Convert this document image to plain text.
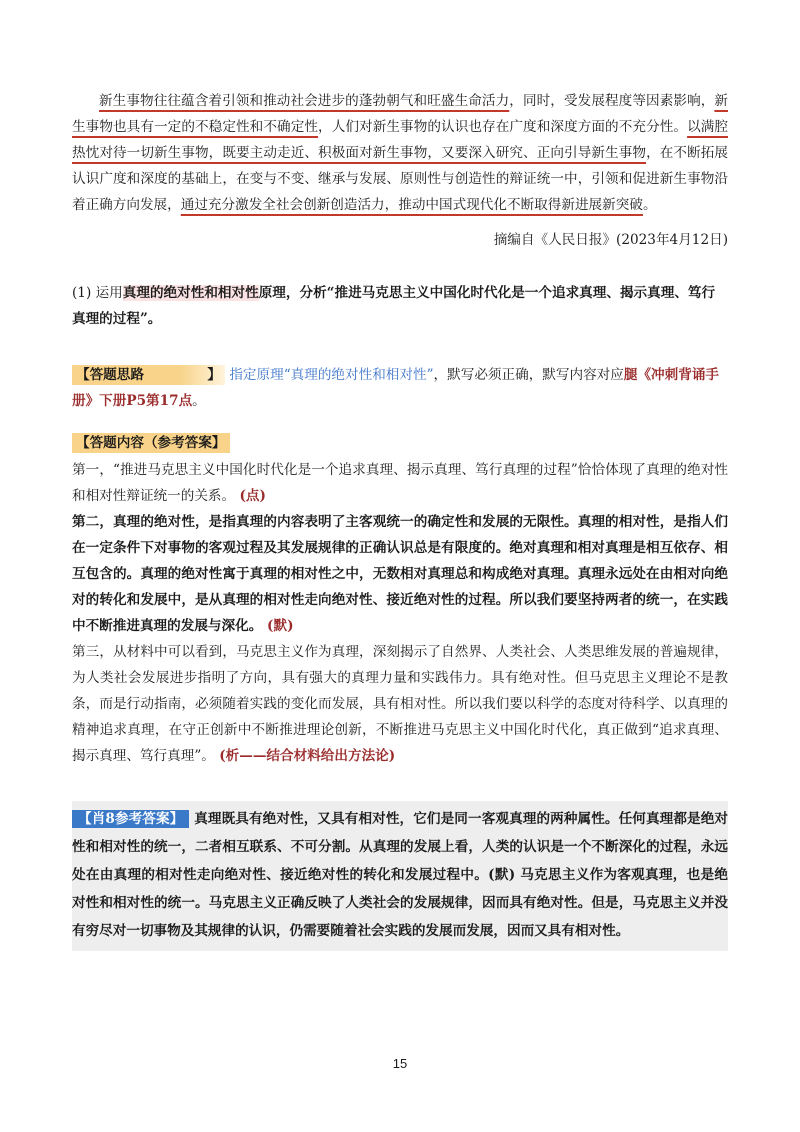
新生事物往往蕴含着引领和推动社会进步的蓬勃朝气和旺盛生命活力，同时，受发展程度等因素影响，新生事物也具有一定的不稳定性和不确定性，人们对新生事物的认识也存在广度和深度方面的不充分性。以满腔热忱对待一切新生事物，既要主动走近、积极面对新生事物，又要深入研究、正向引导新生事物，在不断拓展认识广度和深度的基础上，在变与不变、继承与发展、原则性与创造性的辩证统一中，引领和促进新生事物沿着正确方向发展，通过充分激发全社会创新创造活力，推动中国式现代化不断取得新进展新突破。

摘编自《人民日报》(2023年4月12日)

(1) 运用真理的绝对性和相对性原理，分析“推进马克思主义中国化时代化是一个追求真理、揭示真理、笃行真理的过程”。

【答题思路	】 指定原理“真理的绝对性和相对性”，默写必须正确，默写内容对应腿《冲刺背诵手册》下册P5第17点。

【答题内容（参考答案】

第一，“推进马克思主义中国化时代化是一个追求真理、揭示真理、笃行真理的过程”恰恰体现了真理的绝对性和相对性辩证统一的关系。 (点)

第二，真理的绝对性，是指真理的内容表明了主客观统一的确定性和发展的无限性。真理的相对性，是指人们在一定条件下对事物的客观过程及其发展规律的正确认识总是有限度的。绝对真理和相对真理是相互依存、相互包含的。真理的绝对性寓于真理的相对性之中，无数相对真理总和构成绝对真理。真理永远处在由相对向绝对的转化和发展中，是从真理的相对性走向绝对性、接近绝对性的过程。所以我们要坚持两者的统一，在实践中不断推进真理的发展与深化。 (默)

第三，从材料中可以看到，马克思主义作为真理，深刻揭示了自然界、人类社会、人类思维发展的普遍规律，为人类社会发展进步指明了方向，具有强大的真理力量和实践伟力。具有绝对性。但马克思主义理论不是教条，而是行动指南，必须随着实践的变化而发展，具有相对性。所以我们要以科学的态度对待科学、以真理的精神追求真理，在守正创新中不断推进理论创新，不断推进马克思主义中国化时代化，真正做到“追求真理、揭示真理、笃行真理”。 (析——结合材料给出方法论)

【肖8参考答案】 真理既具有绝对性，又具有相对性，它们是同一客观真理的两种属性。任何真理都是绝对性和相对性的统一，二者相互联系、不可分割。从真理的发展上看，人类的认识是一个不断深化的过程，永远处在由真理的相对性走向绝对性、接近绝对性的转化和发展过程中。(默) 马克思主义作为客观真理，也是绝对性和相对性的统一。马克思主义正确反映了人类社会的发展规律，因而具有绝对性。但是，马克思主义并没有穷尽对一切事物及其规律的认识，仍需要随着社会实践的发展而发展，因而又具有相对性。
15
